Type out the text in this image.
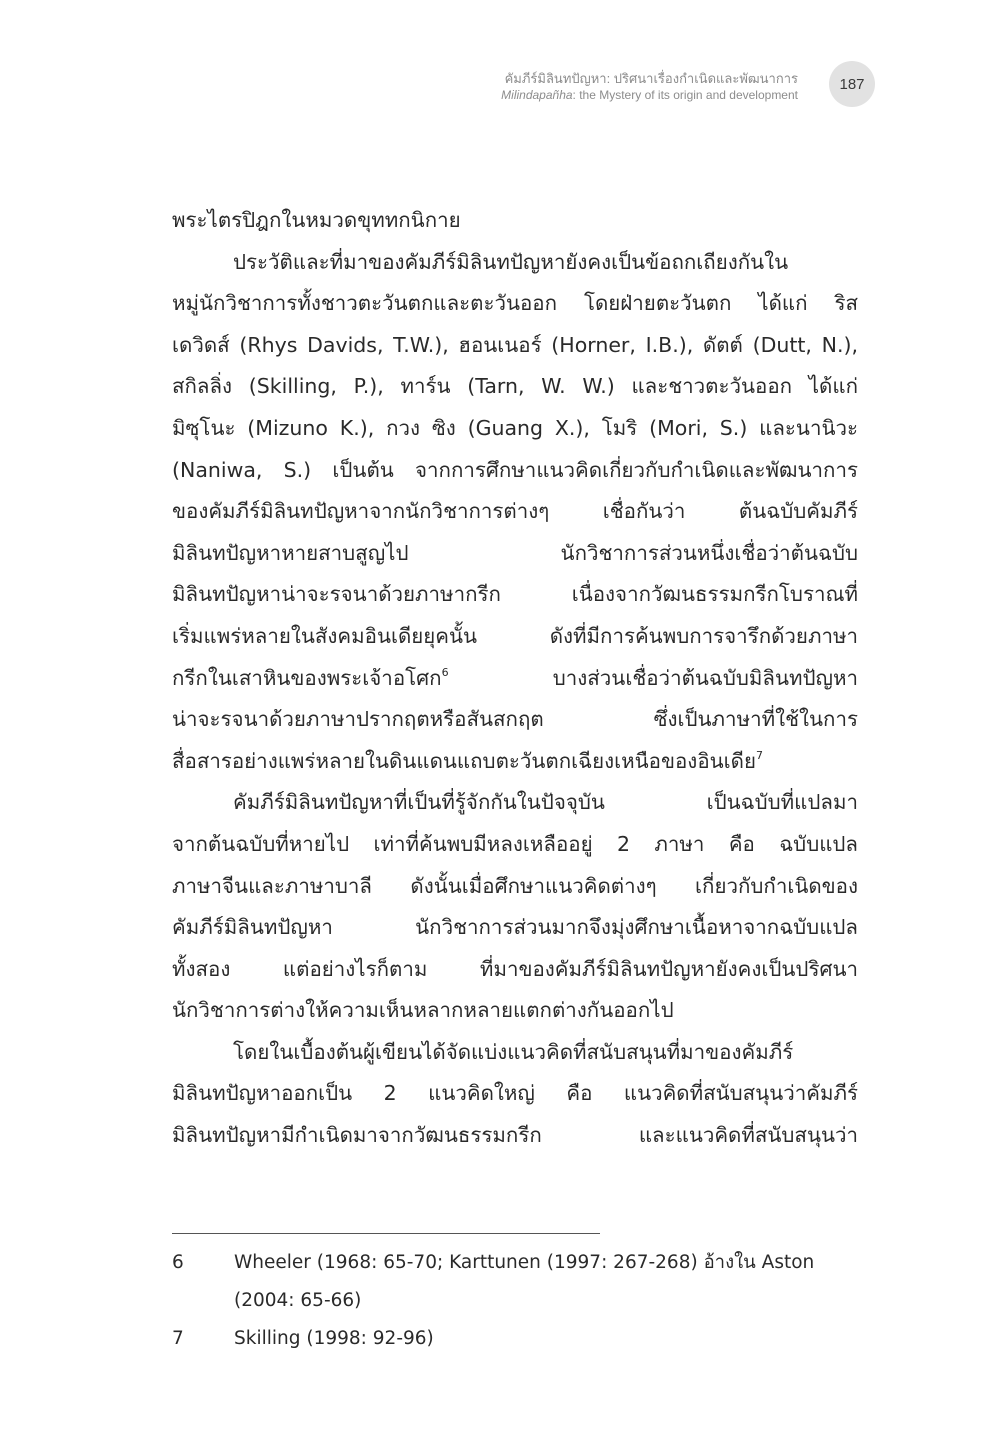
คัมภีร์มิลินทปัญหา: ปริศนาเรื่องกำเนิดและพัฒนาการ
Milindapañha: the Mystery of its origin and development
187
พระไตรปิฎกในหมวดขุททกนิกาย
ประวัติและที่มาของคัมภีร์มิลินทปัญหายังคงเป็นข้อถกเถียงกันใน
หมู่นักวิชาการทั้งชาวตะวันตกและตะวันออก โดยฝ่ายตะวันตก ได้แก่ ริส
เดวิดส์ (Rhys Davids, T.W.), ฮอนเนอร์ (Horner, I.B.), ดัตต์ (Dutt, N.),
สกิลลิ่ง (Skilling, P.), ทาร์น (Tarn, W. W.) และชาวตะวันออก ได้แก่
มิซุโนะ (Mizuno K.), กวง ซิง (Guang X.), โมริ (Mori, S.) และนานิวะ
(Naniwa, S.) เป็นต้น จากการศึกษาแนวคิดเกี่ยวกับกำเนิดและพัฒนาการ
ของคัมภีร์มิลินทปัญหาจากนักวิชาการต่างๆ เชื่อกันว่า ต้นฉบับคัมภีร์
มิลินทปัญหาหายสาบสูญไป นักวิชาการส่วนหนึ่งเชื่อว่าต้นฉบับ
มิลินทปัญหาน่าจะรจนาด้วยภาษากรีก เนื่องจากวัฒนธรรมกรีกโบราณที่
เริ่มแพร่หลายในสังคมอินเดียยุคนั้น ดังที่มีการค้นพบการจารึกด้วยภาษา
กรีกในเสาหินของพระเจ้าอโศก$^6$	บางส่วนเชื่อว่าต้นฉบับมิลินทปัญหา
น่าจะรจนาด้วยภาษาปรากฤตหรือสันสกฤต ซึ่งเป็นภาษาที่ใช้ในการ
สื่อสารอย่างแพร่หลายในดินแดนแถบตะวันตกเฉียงเหนือของอินเดีย$^7$
คัมภีร์มิลินทปัญหาที่เป็นที่รู้จักกันในปัจจุบัน เป็นฉบับที่แปลมา
จากต้นฉบับที่หายไป เท่าที่ค้นพบมีหลงเหลืออยู่ 2 ภาษา คือ ฉบับแปล
ภาษาจีนและภาษาบาลี ดังนั้นเมื่อศึกษาแนวคิดต่างๆ เกี่ยวกับกำเนิดของ
คัมภีร์มิลินทปัญหา นักวิชาการส่วนมากจึงมุ่งศึกษาเนื้อหาจากฉบับแปล
ทั้งสอง แต่อย่างไรก็ตาม ที่มาของคัมภีร์มิลินทปัญหายังคงเป็นปริศนา
นักวิชาการต่างให้ความเห็นหลากหลายแตกต่างกันออกไป
โดยในเบื้องต้นผู้เขียนได้จัดแบ่งแนวคิดที่สนับสนุนที่มาของคัมภีร์
มิลินทปัญหาออกเป็น 2 แนวคิดใหญ่ คือ แนวคิดที่สนับสนุนว่าคัมภีร์
มิลินทปัญหามีกำเนิดมาจากวัฒนธรรมกรีก และแนวคิดที่สนับสนุนว่า
6	Wheeler (1968: 65-70; Karttunen (1997: 267-268) อ้างใน Aston
(2004: 65-66)
7	Skilling (1998: 92-96)
